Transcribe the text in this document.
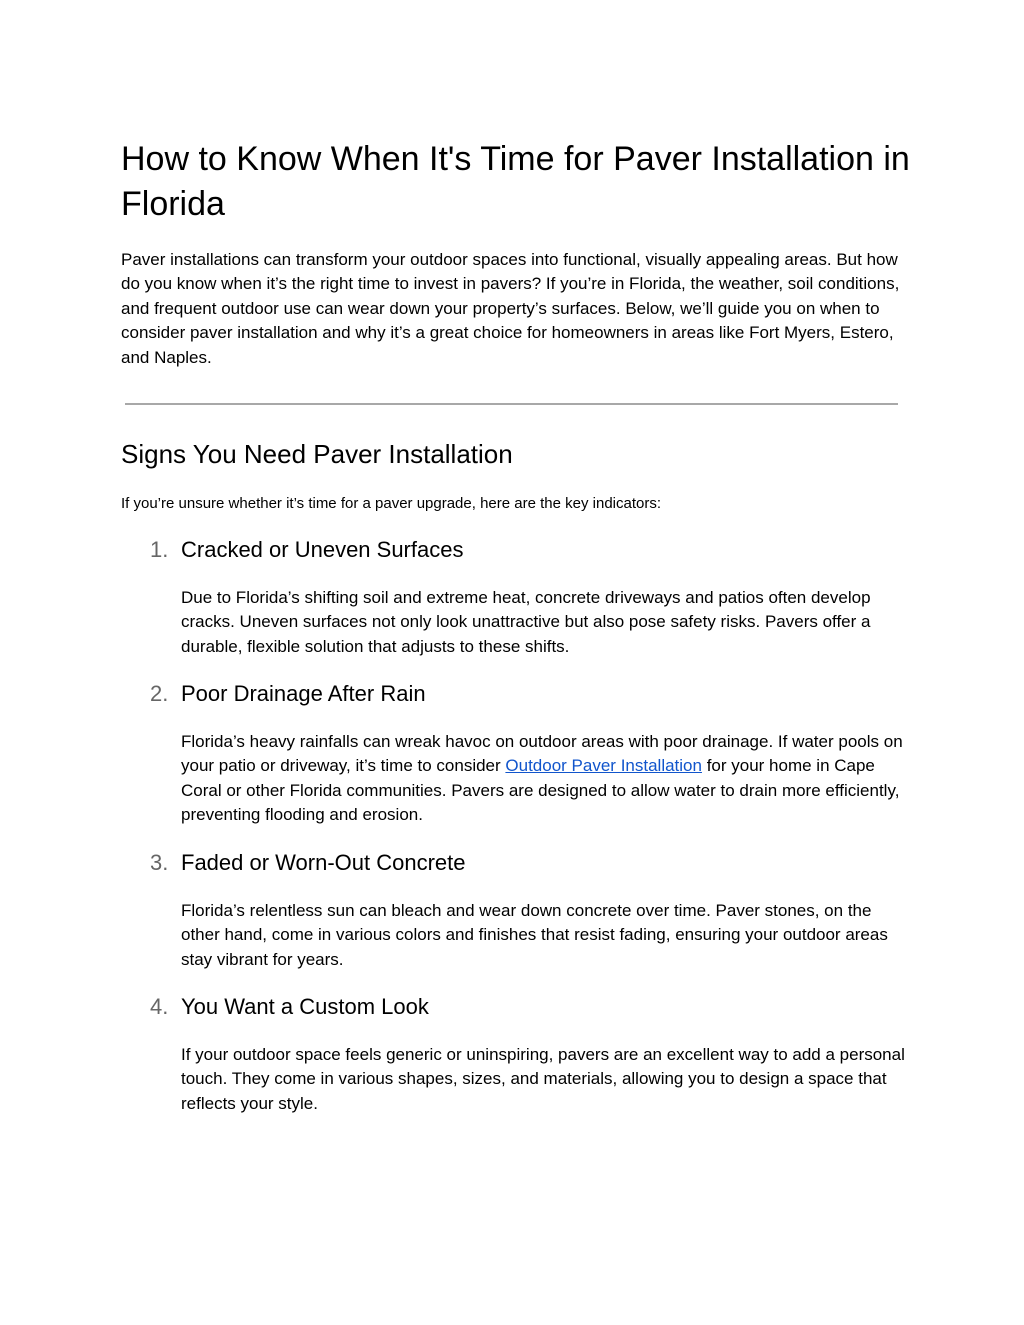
How to Know When It's Time for Paver Installation in Florida

Paver installations can transform your outdoor spaces into functional, visually appealing areas. But how do you know when it’s the right time to invest in pavers? If you’re in Florida, the weather, soil conditions, and frequent outdoor use can wear down your property’s surfaces. Below, we’ll guide you on when to consider paver installation and why it’s a great choice for homeowners in areas like Fort Myers, Estero, and Naples.

Signs You Need Paver Installation

If you’re unsure whether it’s time for a paver upgrade, here are the key indicators:

1. Cracked or Uneven Surfaces

Due to Florida’s shifting soil and extreme heat, concrete driveways and patios often develop cracks. Uneven surfaces not only look unattractive but also pose safety risks. Pavers offer a durable, flexible solution that adjusts to these shifts.

2. Poor Drainage After Rain

Florida’s heavy rainfalls can wreak havoc on outdoor areas with poor drainage. If water pools on your patio or driveway, it’s time to consider Outdoor Paver Installation for your home in Cape Coral or other Florida communities. Pavers are designed to allow water to drain more efficiently, preventing flooding and erosion.

3. Faded or Worn-Out Concrete

Florida’s relentless sun can bleach and wear down concrete over time. Paver stones, on the other hand, come in various colors and finishes that resist fading, ensuring your outdoor areas stay vibrant for years.

4. You Want a Custom Look

If your outdoor space feels generic or uninspiring, pavers are an excellent way to add a personal touch. They come in various shapes, sizes, and materials, allowing you to design a space that reflects your style.
